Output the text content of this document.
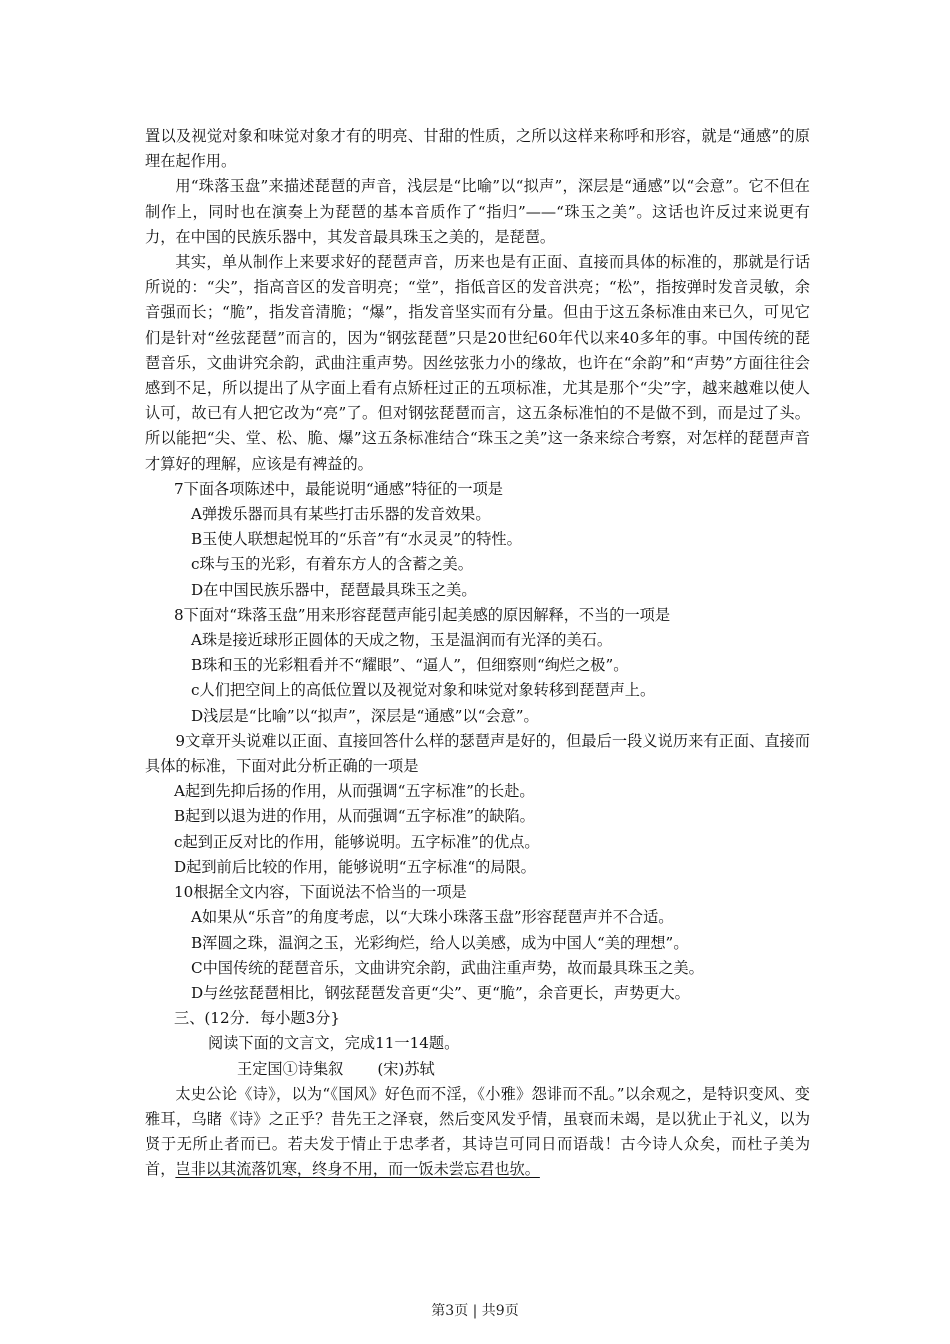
置以及视觉对象和味觉对象才有的明亮、甘甜的性质，之所以这样来称呼和形容，就是“通感”的原理在起作用。

用“珠落玉盘”来描述琵琶的声音，浅层是“比喻”以“拟声”，深层是“通感”以“会意”。它不但在制作上，同时也在演奏上为琵琶的基本音质作了“指归”——“珠玉之美”。这话也许反过来说更有力，在中国的民族乐器中，其发音最具珠玉之美的，是琵琶。

其实，单从制作上来要求好的琵琶声音，历来也是有正面、直接而具体的标准的，那就是行话所说的：“尖”，指高音区的发音明亮；“堂”，指低音区的发音洪亮；“松”，指按弹时发音灵敏，余音强而长；“脆”，指发音清脆；“爆”，指发音坚实而有分量。但由于这五条标准由来已久，可见它们是针对“丝弦琵琶”而言的，因为“钢弦琵琶”只是20世纪60年代以来40多年的事。中国传统的琵琶音乐，文曲讲究余韵，武曲注重声势。因丝弦张力小的缘故，也许在“余韵”和“声势”方面往往会感到不足，所以提出了从字面上看有点矫枉过正的五项标准，尤其是那个“尖”字，越来越难以使人认可，故已有人把它改为“亮”了。但对钢弦琵琶而言，这五条标准怕的不是做不到，而是过了头。所以能把“尖、堂、松、脆、爆”这五条标准结合“珠玉之美”这一条来综合考察，对怎样的琵琶声音才算好的理解，应该是有裨益的。

7下面各项陈述中，最能说明“通感”特征的一项是

A弹拨乐器而具有某些打击乐器的发音效果。

B玉使人联想起悦耳的“乐音”有“水灵灵”的特性。

c珠与玉的光彩，有着东方人的含蓄之美。

D在中国民族乐器中，琵琶最具珠玉之美。

8下面对“珠落玉盘”用来形容琵琶声能引起美感的原因解释，不当的一项是

A珠是接近球形正圆体的天成之物，玉是温润而有光泽的美石。

B珠和玉的光彩粗看并不“耀眼”、“逼人”，但细察则“绚烂之极”。

c人们把空间上的高低位置以及视觉对象和味觉对象转移到琵琶声上。

D浅层是“比喻”以“拟声”，深层是“通感”以“会意”。

9文章开头说难以正面、直接回答什么样的瑟琶声是好的，但最后一段义说历来有正面、直接而具体的标准，下面对此分析正确的一项是

A起到先抑后扬的作用，从而强调“五字标准”的长赴。

B起到以退为进的作用，从而强调“五字标准”的缺陷。

c起到正反对比的作用，能够说明。五字标准”的优点。

D起到前后比较的作用，能够说明“五字标准“的局限。

10根据全文内容，下面说法不恰当的一项是

A如果从“乐音”的角度考虑，以“大珠小珠落玉盘”形容琵琶声并不合适。

B浑圆之珠，温润之玉，光彩绚烂，给人以美感，成为中国人“美的理想”。

C中国传统的琵琶音乐，文曲讲究余韵，武曲注重声势，故而最具珠玉之美。

D与丝弦琵琶相比，钢弦琵琶发音更“尖”、更“脆”，余音更长，声势更大。

三、(12分．每小题3分}

阅读下面的文言文，完成11一14题。

王定国①诗集叙 (宋)苏轼

太史公论《诗》，以为“《国风》好色而不淫，《小雅》怨诽而不乱。”以余观之，是特识变风、变雅耳，乌睹《诗》之正乎？昔先王之泽衰，然后变风发乎情，虽衰而未竭，是以犹止于礼义，以为贤于无所止者而已。若夫发于情止于忠孝者，其诗岂可同日而语哉！古今诗人众矣，而杜子美为首，岂非以其流落饥寒，终身不用，而一饭未尝忘君也欤。

第3页 | 共9页
